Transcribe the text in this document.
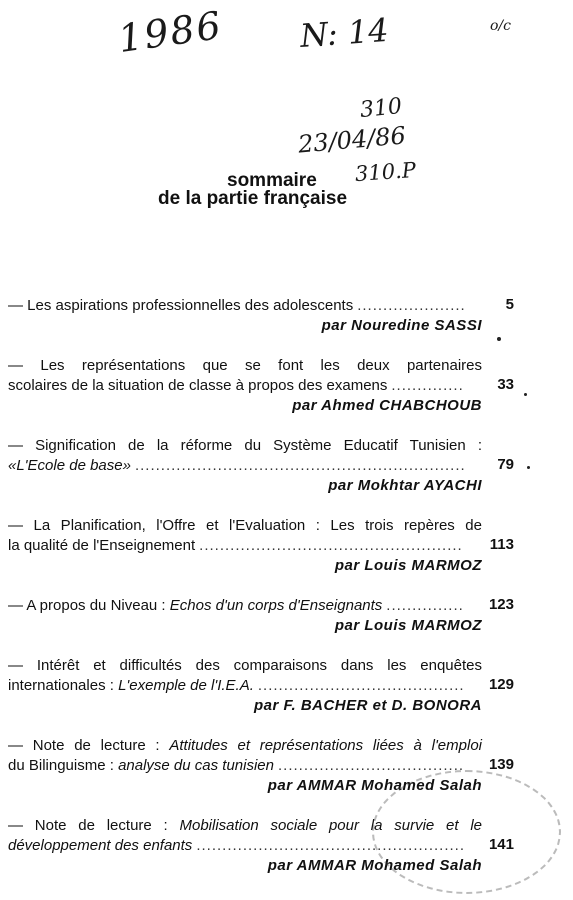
1986 N: 14	o/c
310
23/04/86
310.P
sommaire
de la partie française
— Les aspirations professionnelles des adolescents .....	5
par Nouredine SASSI
— Les représentations que se font les deux partenaires
scolaires de la situation de classe à propos des examens .....	33
par Ahmed CHABCHOUB
— Signification de la réforme du Système Educatif Tunisien :
«L'Ecole de base» .....	79
par Mokhtar AYACHI
— La Planification, l'Offre et l'Evaluation : Les trois repères de
la qualité de l'Enseignement .....	113
par Louis MARMOZ
— A propos du Niveau : Echos d'un corps d'Enseignants .....	123
par Louis MARMOZ
— Intérêt et difficultés des comparaisons dans les enquêtes
internationales : L'exemple de l'I.E.A. .....	129
par F. BACHER et D. BONORA
— Note de lecture : Attitudes et représentations liées à l'emploi
du Bilinguisme : analyse du cas tunisien .....	139
par AMMAR Mohamed Salah
— Note de lecture : Mobilisation sociale pour la survie et le
développement des enfants .....	141
par AMMAR Mohamed Salah
